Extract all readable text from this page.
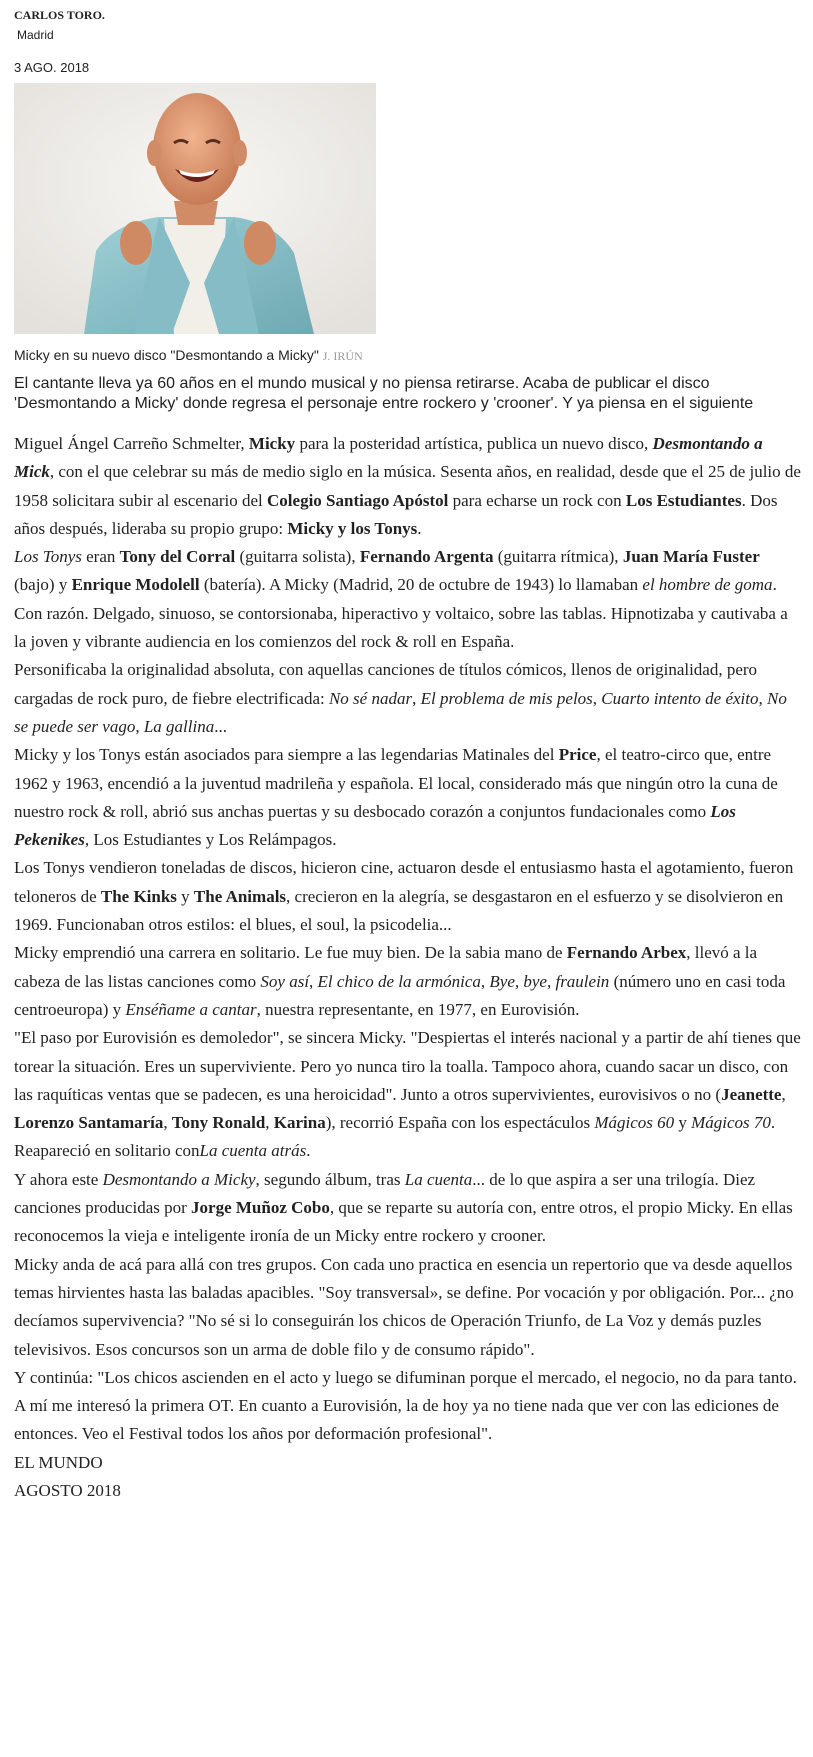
CARLOS TORO.
Madrid
3 AGO. 2018
Micky en su nuevo disco "Desmontando a Micky" J. IRÚN
El cantante lleva ya 60 años en el mundo musical y no piensa retirarse. Acaba de publicar el disco 'Desmontando a Micky' donde regresa el personaje entre rockero y 'crooner'. Y ya piensa en el siguiente

Miguel Ángel Carreño Schmelter, Micky para la posteridad artística, publica un nuevo disco, Desmontando a Mick, con el que celebrar su más de medio siglo en la música. Sesenta años, en realidad, desde que el 25 de julio de 1958 solicitara subir al escenario del Colegio Santiago Apóstol para echarse un rock con Los Estudiantes. Dos años después, lideraba su propio grupo: Micky y los Tonys.

Los Tonys eran Tony del Corral (guitarra solista), Fernando Argenta (guitarra rítmica), Juan María Fuster (bajo) y Enrique Modolell (batería). A Micky (Madrid, 20 de octubre de 1943) lo llamaban el hombre de goma. Con razón. Delgado, sinuoso, se contorsionaba, hiperactivo y voltaico, sobre las tablas. Hipnotizaba y cautivaba a la joven y vibrante audiencia en los comienzos del rock & roll en España.

Personificaba la originalidad absoluta, con aquellas canciones de títulos cómicos, llenos de originalidad, pero cargadas de rock puro, de fiebre electrificada: No sé nadar, El problema de mis pelos, Cuarto intento de éxito, No se puede ser vago, La gallina...

Micky y los Tonys están asociados para siempre a las legendarias Matinales del Price, el teatro-circo que, entre 1962 y 1963, encendió a la juventud madrileña y española. El local, considerado más que ningún otro la cuna de nuestro rock & roll, abrió sus anchas puertas y su desbocado corazón a conjuntos fundacionales como Los Pekenikes, Los Estudiantes y Los Relámpagos.

Los Tonys vendieron toneladas de discos, hicieron cine, actuaron desde el entusiasmo hasta el agotamiento, fueron teloneros de The Kinks y The Animals, crecieron en la alegría, se desgastaron en el esfuerzo y se disolvieron en 1969. Funcionaban otros estilos: el blues, el soul, la psicodelia...

Micky emprendió una carrera en solitario. Le fue muy bien. De la sabia mano de Fernando Arbex, llevó a la cabeza de las listas canciones como Soy así, El chico de la armónica, Bye, bye, fraulein (número uno en casi toda centroeuropa) y Enséñame a cantar, nuestra representante, en 1977, en Eurovisión.

"El paso por Eurovisión es demoledor", se sincera Micky. "Despiertas el interés nacional y a partir de ahí tienes que torear la situación. Eres un superviviente. Pero yo nunca tiro la toalla. Tampoco ahora, cuando sacar un disco, con las raquíticas ventas que se padecen, es una heroicidad". Junto a otros supervivientes, eurovisivos o no (Jeanette, Lorenzo Santamaría, Tony Ronald, Karina), recorrió España con los espectáculos Mágicos 60 y Mágicos 70. Reapareció en solitario conLa cuenta atrás.

Y ahora este Desmontando a Micky, segundo álbum, tras La cuenta... de lo que aspira a ser una trilogía. Diez canciones producidas por Jorge Muñoz Cobo, que se reparte su autoría con, entre otros, el propio Micky. En ellas reconocemos la vieja e inteligente ironía de un Micky entre rockero y crooner.

Micky anda de acá para allá con tres grupos. Con cada uno practica en esencia un repertorio que va desde aquellos temas hirvientes hasta las baladas apacibles. "Soy transversal», se define. Por vocación y por obligación. Por... ¿no decíamos supervivencia? "No sé si lo conseguirán los chicos de Operación Triunfo, de La Voz y demás puzles televisivos. Esos concursos son un arma de doble filo y de consumo rápido".

Y continúa: "Los chicos ascienden en el acto y luego se difuminan porque el mercado, el negocio, no da para tanto. A mí me interesó la primera OT. En cuanto a Eurovisión, la de hoy ya no tiene nada que ver con las ediciones de entonces. Veo el Festival todos los años por deformación profesional".

EL MUNDO
AGOSTO 2018
